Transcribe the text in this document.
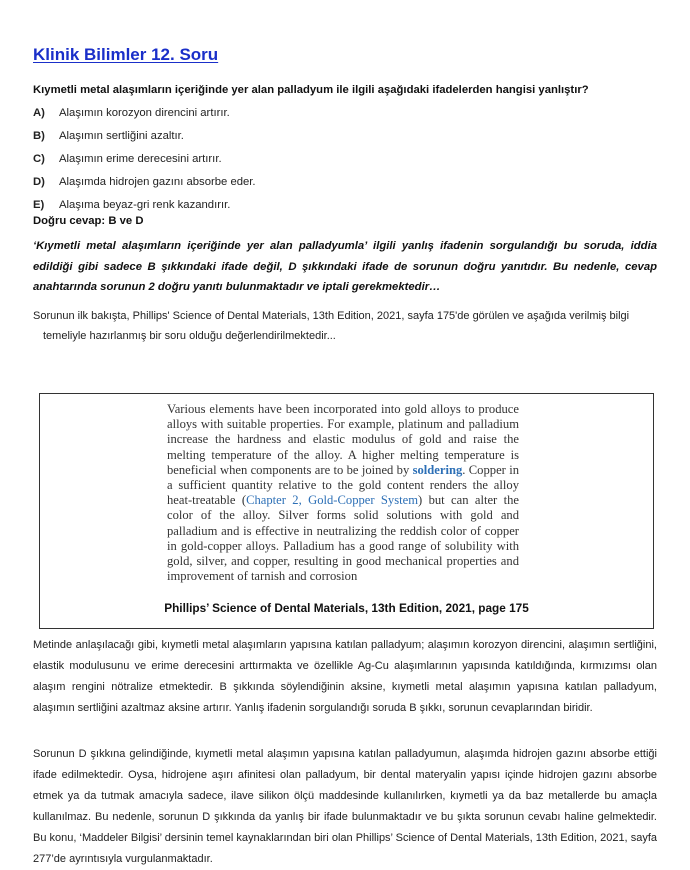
Klinik Bilimler 12. Soru
Kıymetli metal alaşımların içeriğinde yer alan palladyum ile ilgili aşağıdaki ifadelerden hangisi yanlıştır?
A)	Alaşımın korozyon direncini artırır.
B)	Alaşımın sertliğini azaltır.
C)	Alaşımın erime derecesini artırır.
D)	Alaşımda hidrojen gazını absorbe eder.
E)	Alaşıma beyaz-gri renk kazandırır.
Doğru cevap: B ve D
‘Kıymetli metal alaşımların içeriğinde yer alan palladyumla’ ilgili yanlış ifadenin sorgulandığı bu soruda, iddia edildiği gibi sadece B şıkkındaki ifade değil, D şıkkındaki ifade de sorunun doğru yanıtıdır. Bu nedenle, cevap anahtarında sorunun 2 doğru yanıtı bulunmaktadır ve iptali gerekmektedir…
Sorunun ilk bakışta, Phillips' Science of Dental Materials, 13th Edition, 2021, sayfa 175'de görülen ve aşağıda verilmiş bilgi
temeliyle hazırlanmış bir soru olduğu değerlendirilmektedir...
Various elements have been incorporated into gold alloys to produce alloys with suitable properties. For example, platinum and palladium increase the hardness and elastic modulus of gold and raise the melting temperature of the alloy. A higher melting temperature is beneficial when components are to be joined by soldering. Copper in a sufficient quantity relative to the gold content renders the alloy heat-treatable (Chapter 2, Gold-Copper System) but can alter the color of the alloy. Silver forms solid solutions with gold and palladium and is effective in neutralizing the reddish color of copper in gold-copper alloys. Palladium has a good range of solubility with gold, silver, and copper, resulting in good mechanical properties and improvement of tarnish and corrosion
Phillips’ Science of Dental Materials, 13th Edition, 2021, page 175
Metinde anlaşılacağı gibi, kıymetli metal alaşımların yapısına katılan palladyum; alaşımın korozyon direncini, alaşımın sertliğini, elastik modulusunu ve erime derecesini arttırmakta ve özellikle Ag-Cu alaşımlarının yapısında katıldığında, kırmızımsı olan alaşım rengini nötralize etmektedir. B şıkkında söylendiğinin aksine, kıymetli metal alaşımın yapısına katılan palladyum, alaşımın sertliğini azaltmaz aksine artırır. Yanlış ifadenin sorgulandığı soruda B şıkkı, sorunun cevaplarından biridir.
Sorunun D şıkkına gelindiğinde, kıymetli metal alaşımın yapısına katılan palladyumun, alaşımda hidrojen gazını absorbe ettiği ifade edilmektedir. Oysa, hidrojene aşırı afinitesi olan palladyum, bir dental materyalin yapısı içinde hidrojen gazını absorbe etmek ya da tutmak amacıyla sadece, ilave silikon ölçü maddesinde kullanılırken, kıymetli ya da baz metallerde bu amaçla kullanılmaz. Bu nedenle, sorunun D şıkkında da yanlış bir ifade bulunmaktadır ve bu şıkta sorunun cevabı haline gelmektedir. Bu konu, ‘Maddeler Bilgisi’ dersinin temel kaynaklarından biri olan Phillips’ Science of Dental Materials, 13th Edition, 2021, sayfa 277’de ayrıntısıyla vurgulanmaktadır.
